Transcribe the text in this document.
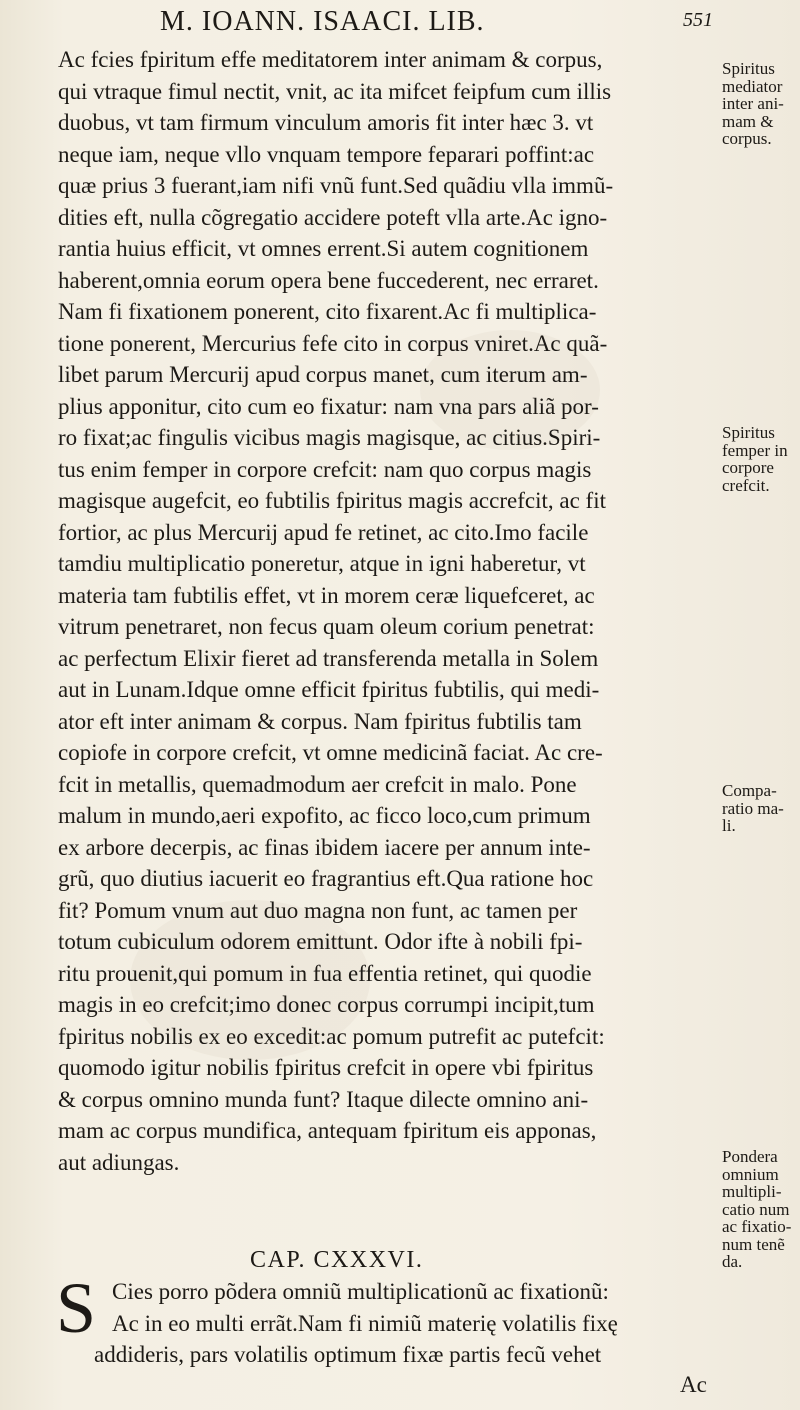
M. IOANN. ISAACI. LIB.	551
Ac fcies fpiritum effe meditatorem inter animam & corpus,
qui vtraque fimul nectit, vnit, ac ita mifcet feipfum cum illis
duobus, vt tam firmum vinculum amoris fit inter hæc 3. vt
neque iam, neque vllo vnquam tempore feparari poffint:ac
quæ prius 3 fuerant,iam nifi vnũ funt.Sed quãdiu vlla immũ-
dities eft, nulla cõgregatio accidere poteft vlla arte.Ac igno-
rantia huius efficit, vt omnes errent.Si autem cognitionem
haberent,omnia eorum opera bene fuccederent, nec erraret.
Nam fi fixationem ponerent, cito fixarent.Ac fi multiplica-
tione ponerent, Mercurius fefe cito in corpus vniret.Ac quã-
libet parum Mercurij apud corpus manet, cum iterum am-
plius apponitur, cito cum eo fixatur: nam vna pars aliã por-
ro fixat;ac fingulis vicibus magis magisque, ac citius.Spiri-
tus enim femper in corpore crefcit: nam quo corpus magis
magisque augefcit, eo fubtilis fpiritus magis accrefcit, ac fit
fortior, ac plus Mercurij apud fe retinet, ac cito.Imo facile
tamdiu multiplicatio poneretur, atque in igni haberetur, vt
materia tam fubtilis effet, vt in morem ceræ liquefceret, ac
vitrum penetraret, non fecus quam oleum corium penetrat:
ac perfectum Elixir fieret ad transferenda metalla in Solem
aut in Lunam.Idque omne efficit fpiritus fubtilis, qui medi-
ator eft inter animam & corpus. Nam fpiritus fubtilis tam
copiofe in corpore crefcit, vt omne medicinã faciat. Ac cre-
fcit in metallis, quemadmodum aer crefcit in malo. Pone
malum in mundo,aeri expofito, ac ficco loco,cum primum
ex arbore decerpis, ac finas ibidem iacere per annum inte-
grũ, quo diutius iacuerit eo fragrantius eft.Qua ratione hoc
fit? Pomum vnum aut duo magna non funt, ac tamen per
totum cubiculum odorem emittunt. Odor ifte à nobili fpi-
ritu prouenit,qui pomum in fua effentia retinet, qui quodie
magis in eo crefcit;imo donec corpus corrumpi incipit,tum
fpiritus nobilis ex eo excedit:ac pomum putrefit ac putefcit:
quomodo igitur nobilis fpiritus crefcit in opere vbi fpiritus
& corpus omnino munda funt? Itaque dilecte omnino ani-
mam ac corpus mundifica, antequam fpiritum eis apponas,
aut adiungas.
Spiritus
mediator
inter ani-
mam &
corpus.
Spiritus
femper in
corpore
crefcit.
Compa-
ratio ma-
li.
Pondera
omnium
multipli-
catio num
ac fixatio-
num tenẽ
da.
CAP. CXXXVI.
S Cies porro põdera omniũ multiplicationũ ac fixationũ:
Ac in eo multi errãt.Nam fi nimiũ materię volatilis fixę
addideris, pars volatilis optimum fixæ partis fecũ vehet
Ac
